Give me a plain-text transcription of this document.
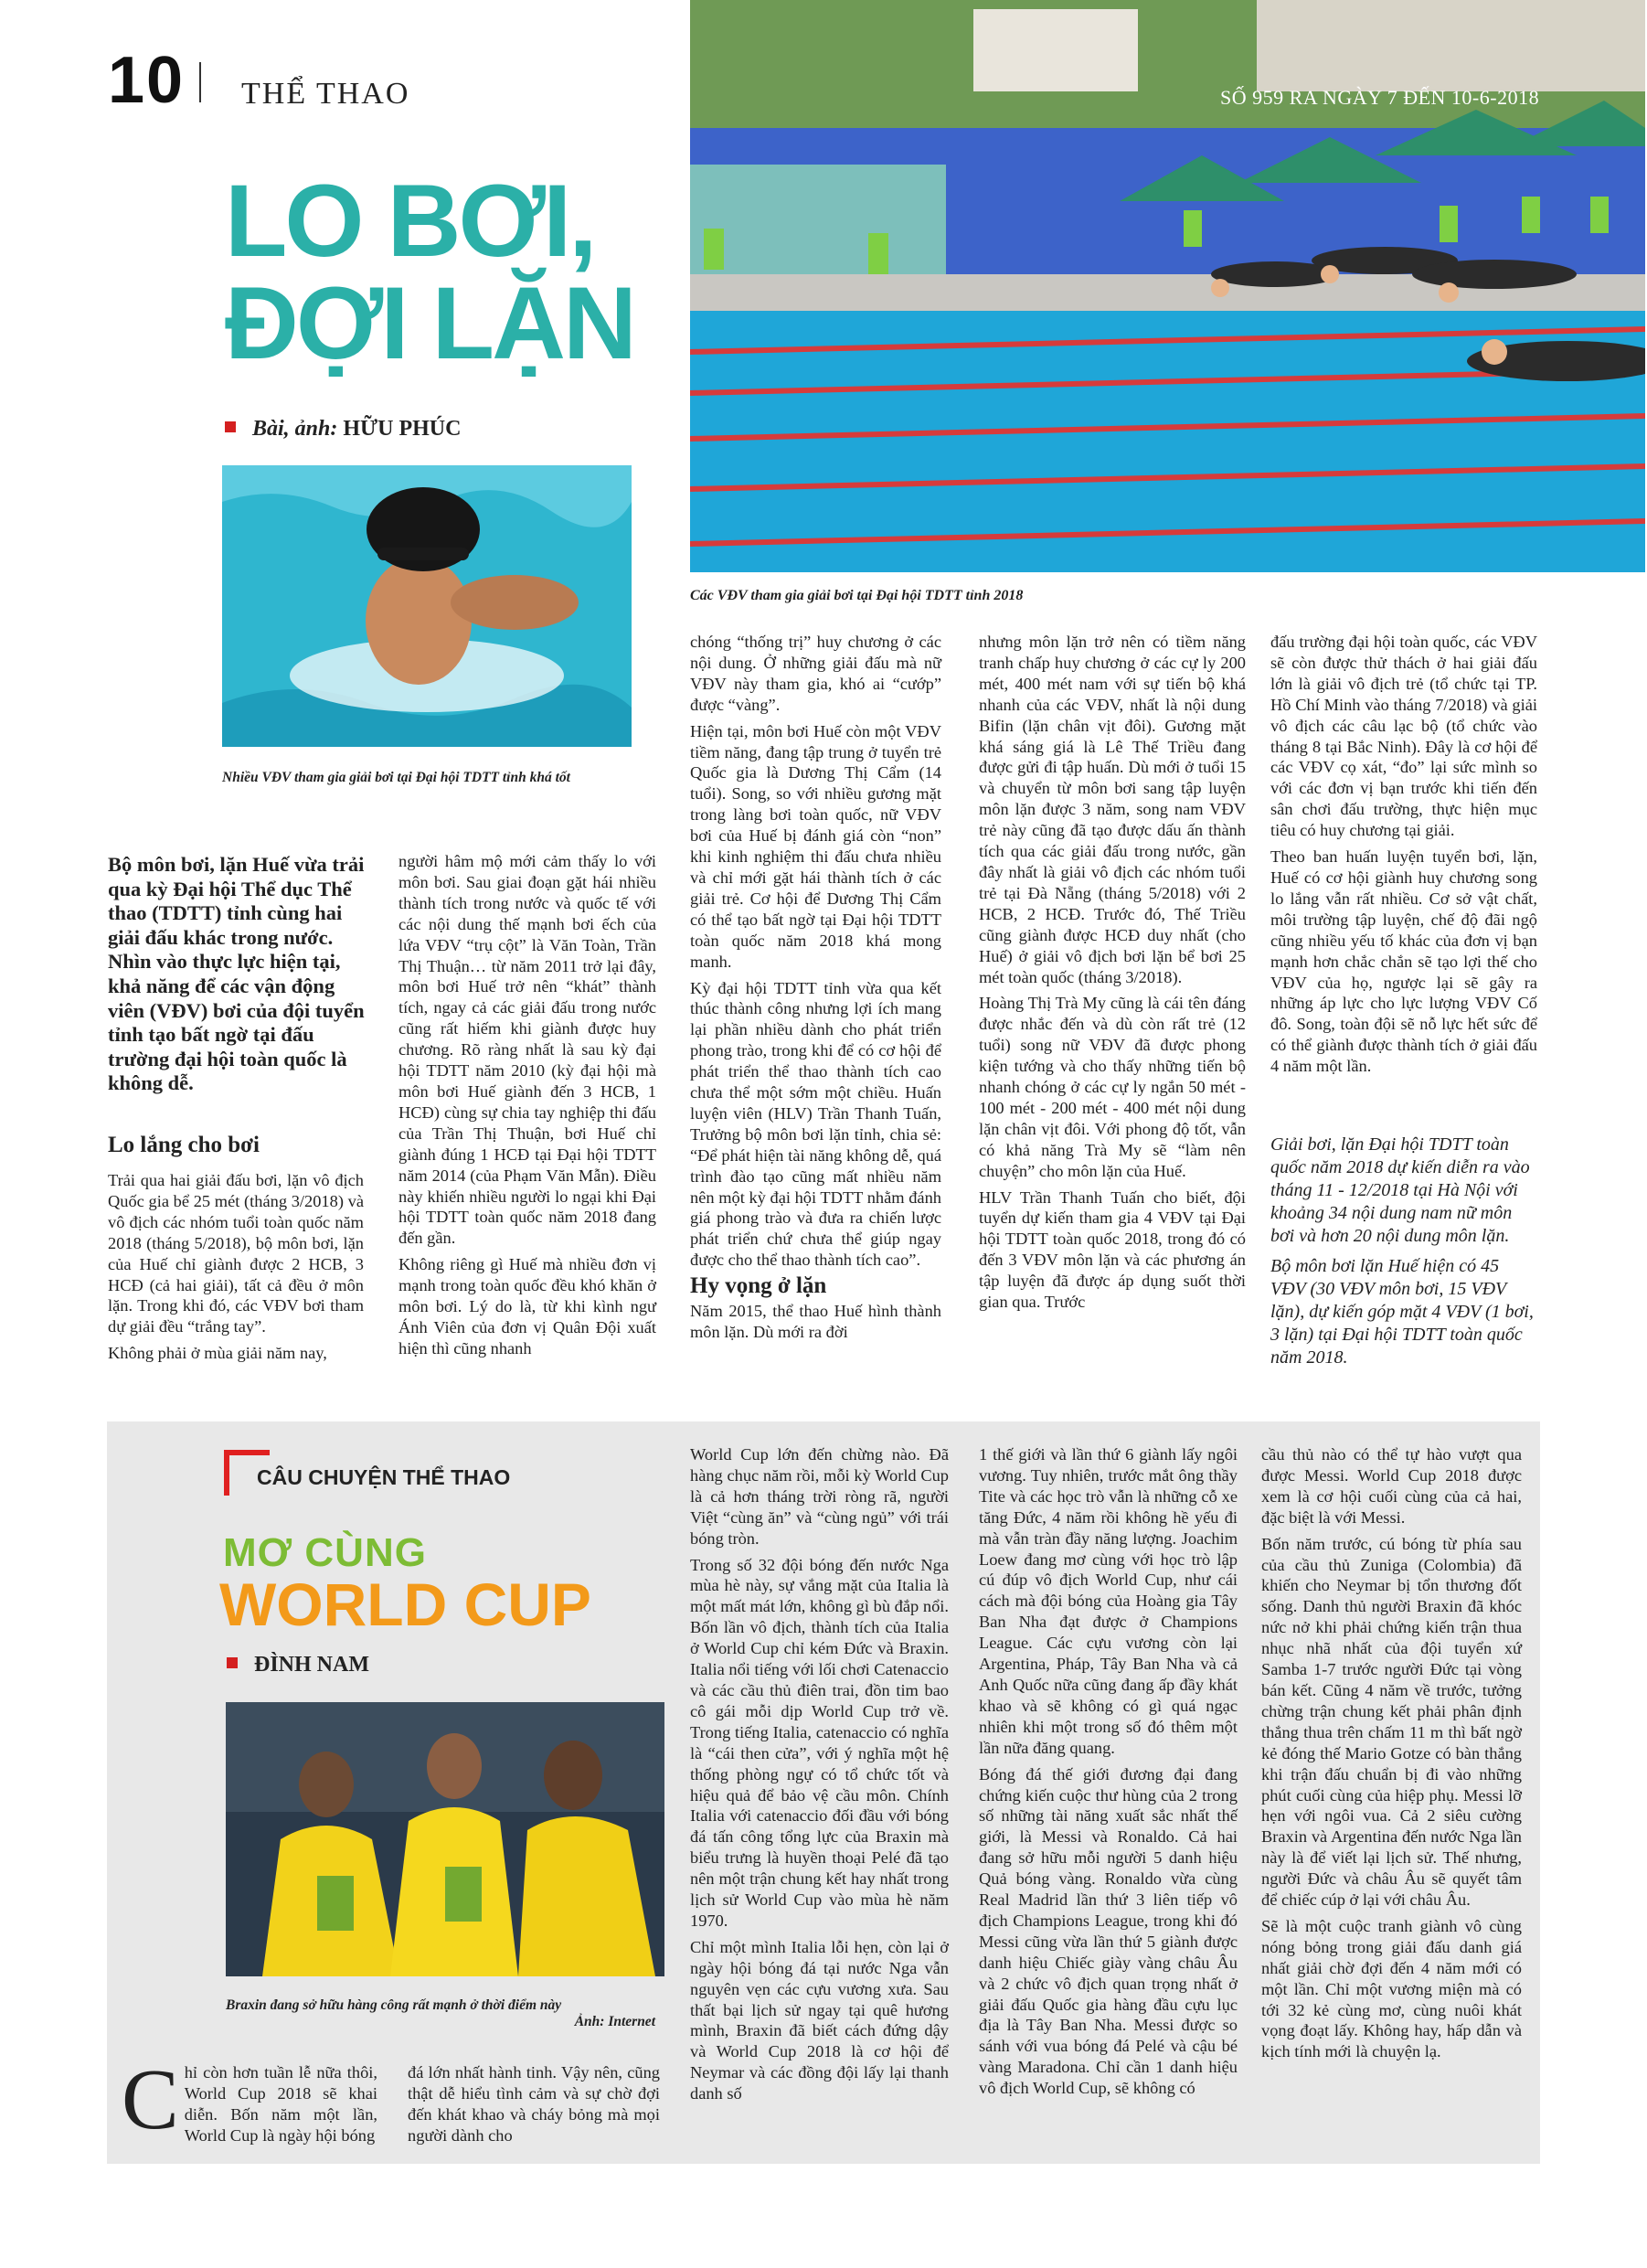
10 THỂ THAO	SỐ 959 RA NGÀY 7 ĐẾN 10-6-2018
Các VĐV tham gia giải bơi tại Đại hội TDTT tỉnh 2018
LO BƠI,
ĐỢI LẶN
Bài, ảnh: HỮU PHÚC
Nhiều VĐV tham gia giải bơi tại Đại hội TDTT tỉnh khá tốt
Bộ môn bơi, lặn Huế vừa trải qua kỳ Đại hội Thể dục Thể thao (TDTT) tỉnh cùng hai giải đấu khác trong nước. Nhìn vào thực lực hiện tại, khả năng để các vận động viên (VĐV) bơi của đội tuyển tỉnh tạo bất ngờ tại đấu trường đại hội toàn quốc là không dễ.
Lo lắng cho bơi

Trải qua hai giải đấu bơi, lặn vô địch Quốc gia bể 25 mét (tháng 3/2018) và vô địch các nhóm tuổi toàn quốc năm 2018 (tháng 5/2018), bộ môn bơi, lặn của Huế chỉ giành được 2 HCB, 3 HCĐ (cả hai giải), tất cả đều ở môn lặn. Trong khi đó, các VĐV bơi tham dự giải đều “trắng tay”.

Không phải ở mùa giải năm nay,

người hâm mộ mới cảm thấy lo với môn bơi. Sau giai đoạn gặt hái nhiều thành tích trong nước và quốc tế với các nội dung thế mạnh bơi ếch của lứa VĐV “trụ cột” là Văn Toàn, Trần Thị Thuận… từ năm 2011 trở lại đây, môn bơi Huế trở nên “khát” thành tích, ngay cả các giải đấu trong nước cũng rất hiếm khi giành được huy chương. Rõ ràng nhất là sau kỳ đại hội TDTT năm 2010 (kỳ đại hội mà môn bơi Huế giành đến 3 HCB, 1 HCĐ) cùng sự chia tay nghiệp thi đấu của Trần Thị Thuận, bơi Huế chỉ giành đúng 1 HCĐ tại Đại hội TDTT năm 2014 (của Phạm Văn Mẫn). Điều này khiến nhiều người lo ngại khi Đại hội TDTT toàn quốc năm 2018 đang đến gần.

Không riêng gì Huế mà nhiều đơn vị mạnh trong toàn quốc đều khó khăn ở môn bơi. Lý do là, từ khi kình ngư Ánh Viên của đơn vị Quân Đội xuất hiện thì cũng nhanh

chóng “thống trị” huy chương ở các nội dung. Ở những giải đấu mà nữ VĐV này tham gia, khó ai “cướp” được “vàng”.

Hiện tại, môn bơi Huế còn một VĐV tiềm năng, đang tập trung ở tuyển trẻ Quốc gia là Dương Thị Cẩm (14 tuổi). Song, so với nhiều gương mặt trong làng bơi toàn quốc, nữ VĐV bơi của Huế bị đánh giá còn “non” khi kinh nghiệm thi đấu chưa nhiều và chỉ mới gặt hái thành tích ở các giải trẻ. Cơ hội để Dương Thị Cẩm có thể tạo bất ngờ tại Đại hội TDTT toàn quốc năm 2018 khá mong manh.

Kỳ đại hội TDTT tỉnh vừa qua kết thúc thành công nhưng lợi ích mang lại phần nhiều dành cho phát triển phong trào, trong khi để có cơ hội để phát triển thể thao thành tích cao chưa thể một sớm một chiều. Huấn luyện viên (HLV) Trần Thanh Tuấn, Trưởng bộ môn bơi lặn tỉnh, chia sẻ: “Để phát hiện tài năng không dễ, quá trình đào tạo cũng mất nhiều năm nên một kỳ đại hội TDTT nhằm đánh giá phong trào và đưa ra chiến lược phát triển chứ chưa thể giúp ngay được cho thể thao thành tích cao”.

Hy vọng ở lặn

Năm 2015, thể thao Huế hình thành môn lặn. Dù mới ra đời

nhưng môn lặn trở nên có tiềm năng tranh chấp huy chương ở các cự ly 200 mét, 400 mét nam với sự tiến bộ khá nhanh của các VĐV, nhất là nội dung Bifin (lặn chân vịt đôi). Gương mặt khá sáng giá là Lê Thế Triều đang được gửi đi tập huấn. Dù mới ở tuổi 15 và chuyển từ môn bơi sang tập luyện môn lặn được 3 năm, song nam VĐV trẻ này cũng đã tạo được dấu ấn thành tích qua các giải đấu trong nước, gần đây nhất là giải vô địch các nhóm tuổi trẻ tại Đà Nẵng (tháng 5/2018) với 2 HCB, 2 HCĐ. Trước đó, Thế Triều cũng giành được HCĐ duy nhất (cho Huế) ở giải vô địch bơi lặn bể bơi 25 mét toàn quốc (tháng 3/2018).

Hoàng Thị Trà My cũng là cái tên đáng được nhắc đến và dù còn rất trẻ (12 tuổi) song nữ VĐV đã được phong kiện tướng và cho thấy những tiến bộ nhanh chóng ở các cự ly ngắn 50 mét - 100 mét - 200 mét - 400 mét nội dung lặn chân vịt đôi. Với phong độ tốt, vẫn có khả năng Trà My sẽ “làm nên chuyện” cho môn lặn của Huế.

HLV Trần Thanh Tuấn cho biết, đội tuyển dự kiến tham gia 4 VĐV tại Đại hội TDTT toàn quốc 2018, trong đó có đến 3 VĐV môn lặn và các phương án tập luyện đã được áp dụng suốt thời gian qua. Trước

đấu trường đại hội toàn quốc, các VĐV sẽ còn được thử thách ở hai giải đấu lớn là giải vô địch trẻ (tổ chức tại TP. Hồ Chí Minh vào tháng 7/2018) và giải vô địch các câu lạc bộ (tổ chức vào tháng 8 tại Bắc Ninh). Đây là cơ hội để các VĐV cọ xát, “đo” lại sức mình so với các đơn vị bạn trước khi tiến đến sân chơi đấu trường, thực hiện mục tiêu có huy chương tại giải.

Theo ban huấn luyện tuyển bơi, lặn, Huế có cơ hội giành huy chương song lo lắng vẫn rất nhiều. Cơ sở vật chất, môi trường tập luyện, chế độ đãi ngộ cũng nhiều yếu tố khác của đơn vị bạn mạnh hơn chắc chắn sẽ tạo lợi thế cho VĐV của họ, ngược lại sẽ gây ra những áp lực cho lực lượng VĐV Cố đô. Song, toàn đội sẽ nỗ lực hết sức để có thể giành được thành tích ở giải đấu 4 năm một lần.

Giải bơi, lặn Đại hội TDTT toàn quốc năm 2018 dự kiến diễn ra vào tháng 11 - 12/2018 tại Hà Nội với khoảng 34 nội dung nam nữ môn bơi và hơn 20 nội dung môn lặn.

Bộ môn bơi lặn Huế hiện có 45 VĐV (30 VĐV môn bơi, 15 VĐV lặn), dự kiến góp mặt 4 VĐV (1 bơi, 3 lặn) tại Đại hội TDTT toàn quốc năm 2018.

CÂU CHUYỆN THỂ THAO
MƠ CÙNG
WORLD CUP
ĐÌNH NAM
Braxin đang sở hữu hàng công rất mạnh ở thời điểm này
Ảnh: Internet

Chỉ còn hơn tuần lễ nữa thôi, World Cup 2018 sẽ khai diễn. Bốn năm một lần, World Cup là ngày hội bóng

đá lớn nhất hành tinh. Vậy nên, cũng thật dễ hiểu tình cảm và sự chờ đợi đến khát khao và cháy bỏng mà mọi người dành cho

World Cup lớn đến chừng nào. Đã hàng chục năm rồi, mỗi kỳ World Cup là cả hơn tháng trời ròng rã, người Việt “cùng ăn” và “cùng ngủ” với trái bóng tròn.

Trong số 32 đội bóng đến nước Nga mùa hè này, sự vắng mặt của Italia là một mất mát lớn, không gì bù đắp nổi. Bốn lần vô địch, thành tích của Italia ở World Cup chỉ kém Đức và Braxin. Italia nổi tiếng với lối chơi Catenaccio và các cầu thủ điên trai, đồn tim bao cô gái mỗi dịp World Cup trở về. Trong tiếng Italia, catenaccio có nghĩa là “cái then cửa”, với ý nghĩa một hệ thống phòng ngự có tổ chức tốt và hiệu quả để bảo vệ cầu môn. Chính Italia với catenaccio đối đầu với bóng đá tấn công tổng lực của Braxin mà biểu trưng là huyền thoại Pelé đã tạo nên một trận chung kết hay nhất trong lịch sử World Cup vào mùa hè năm 1970.

Chỉ một mình Italia lỗi hẹn, còn lại ở ngày hội bóng đá tại nước Nga vẫn nguyên vẹn các cựu vương xưa. Sau thất bại lịch sử ngay tại quê hương mình, Braxin đã biết cách đứng dậy và World Cup 2018 là cơ hội để Neymar và các đồng đội lấy lại thanh danh số

1 thế giới và lần thứ 6 giành lấy ngôi vương. Tuy nhiên, trước mắt ông thầy Tite và các học trò vẫn là những cỗ xe tăng Đức, 4 năm rồi không hề yếu đi mà vẫn tràn đầy năng lượng. Joachim Loew đang mơ cùng với học trò lập cú đúp vô địch World Cup, như cái cách mà đội bóng của Hoàng gia Tây Ban Nha đạt được ở Champions League. Các cựu vương còn lại Argentina, Pháp, Tây Ban Nha và cả Anh Quốc nữa cũng đang ấp đầy khát khao và sẽ không có gì quá ngạc nhiên khi một trong số đó thêm một lần nữa đăng quang.

Bóng đá thế giới đương đại đang chứng kiến cuộc thư hùng của 2 trong số những tài năng xuất sắc nhất thế giới, là Messi và Ronaldo. Cả hai đang sở hữu mỗi người 5 danh hiệu Quả bóng vàng. Ronaldo vừa cùng Real Madrid lần thứ 3 liên tiếp vô địch Champions League, trong khi đó Messi cũng vừa lần thứ 5 giành được danh hiệu Chiếc giày vàng châu Âu và 2 chức vô địch quan trọng nhất ở giải đấu Quốc gia hàng đầu cựu lục địa là Tây Ban Nha. Messi được so sánh với vua bóng đá Pelé và cậu bé vàng Maradona. Chỉ cần 1 danh hiệu vô địch World Cup, sẽ không có

cầu thủ nào có thể tự hào vượt qua được Messi. World Cup 2018 được xem là cơ hội cuối cùng của cả hai, đặc biệt là với Messi.

Bốn năm trước, cú bóng từ phía sau của cầu thủ Zuniga (Colombia) đã khiến cho Neymar bị tổn thương đốt sống. Danh thủ người Braxin đã khóc nức nở khi phải chứng kiến trận thua nhục nhã nhất của đội tuyển xứ Samba 1-7 trước người Đức tại vòng bán kết. Cũng 4 năm về trước, tưởng chừng trận chung kết phải phân định thắng thua trên chấm 11 m thì bất ngờ kẻ đóng thế Mario Gotze có bàn thắng khi trận đấu chuẩn bị đi vào những phút cuối cùng của hiệp phụ. Messi lỡ hẹn với ngôi vua. Cả 2 siêu cường Braxin và Argentina đến nước Nga lần này là để viết lại lịch sử. Thế nhưng, người Đức và châu Âu sẽ quyết tâm để chiếc cúp ở lại với châu Âu.

Sẽ là một cuộc tranh giành vô cùng nóng bỏng trong giải đấu danh giá nhất giải chờ đợi đến 4 năm mới có một lần. Chỉ một vương miện mà có tới 32 kẻ cùng mơ, cùng nuôi khát vọng đoạt lấy. Không hay, hấp dẫn và kịch tính mới là chuyện lạ.
